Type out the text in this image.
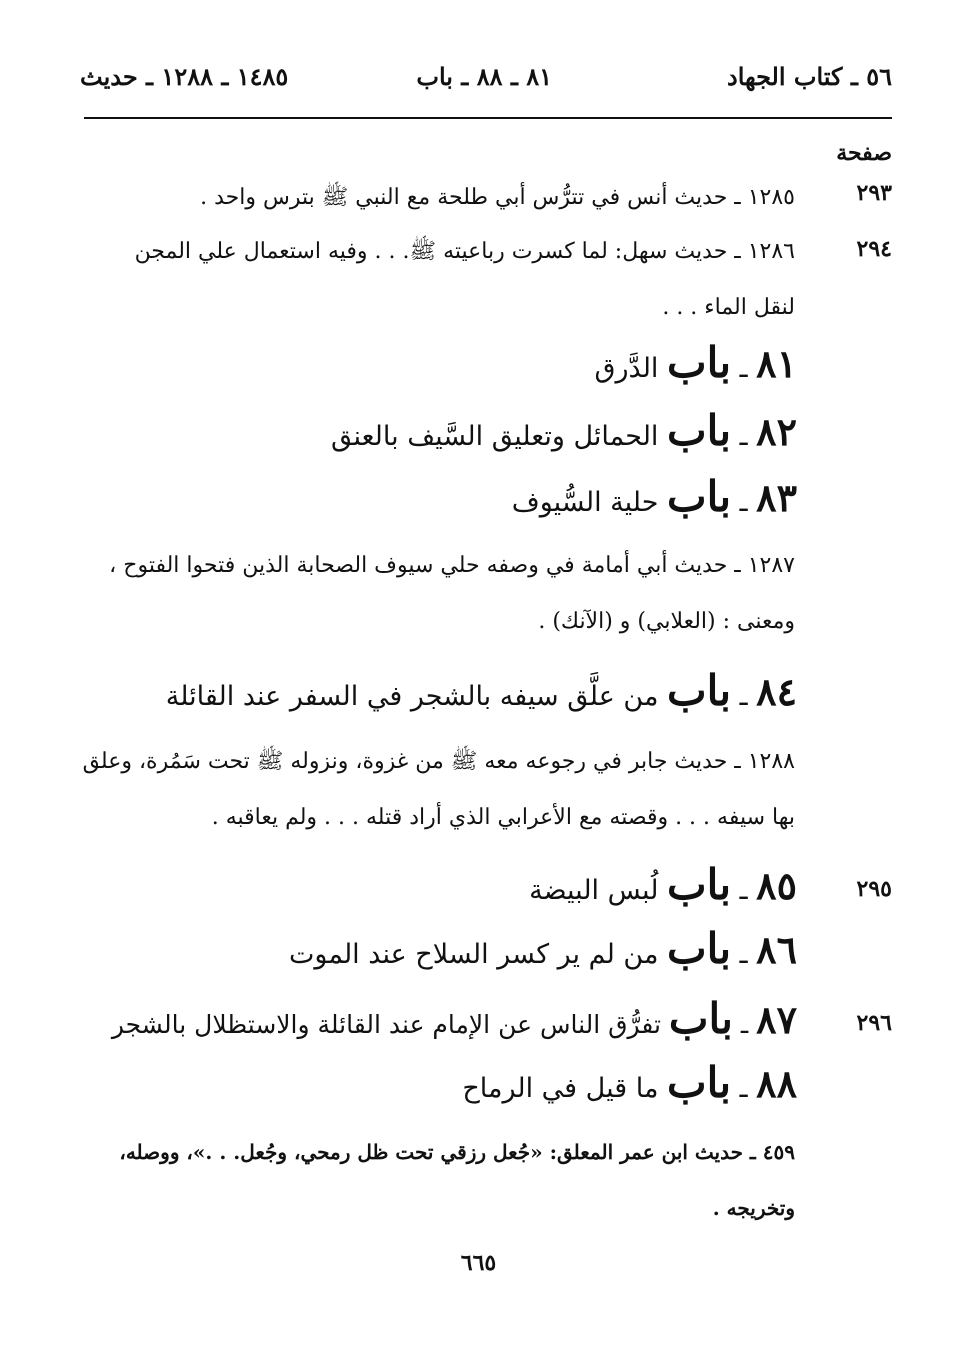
٥٦ ـ كتاب الجهاد
٨١ ـ ٨٨ ـ باب
١٤٨٥ ـ ١٢٨٨ ـ حديث
صفحة
٢٩٣
١٢٨٥ ـ حديث أنس في تترُّس أبي طلحة مع النبي ﷺ بترس واحد .
٢٩٤
١٢٨٦ ـ حديث سهل: لما كسرت رباعيته ﷺ. . . وفيه استعمال علي المجن
لنقل الماء . . .
٨١ ـ باب الدَّرق
٨٢ ـ باب الحمائل وتعليق السَّيف بالعنق
٨٣ ـ باب حلية السُّيوف
١٢٨٧ ـ حديث أبي أمامة في وصفه حلي سيوف الصحابة الذين فتحوا الفتوح ،
ومعنى : (العلابي) و (الآنك) .
٨٤ ـ باب من علَّق سيفه بالشجر في السفر عند القائلة
١٢٨٨ ـ حديث جابر في رجوعه معه ﷺ من غزوة، ونزوله ﷺ تحت سَمُرة، وعلق
بها سيفه . . . وقصته مع الأعرابي الذي أراد قتله . . . ولم يعاقبه .
٢٩٥
٨٥ ـ باب لُبس البيضة
٨٦ ـ باب من لم ير كسر السلاح عند الموت
٢٩٦
٨٧ ـ باب تفرُّق الناس عن الإمام عند القائلة والاستظلال بالشجر
٨٨ ـ باب ما قيل في الرماح
٤٥٩ ـ حديث ابن عمر المعلق: «جُعل رزقي تحت ظل رمحي، وجُعل. . .»، ووصله،
وتخريجه .
٦٦٥
